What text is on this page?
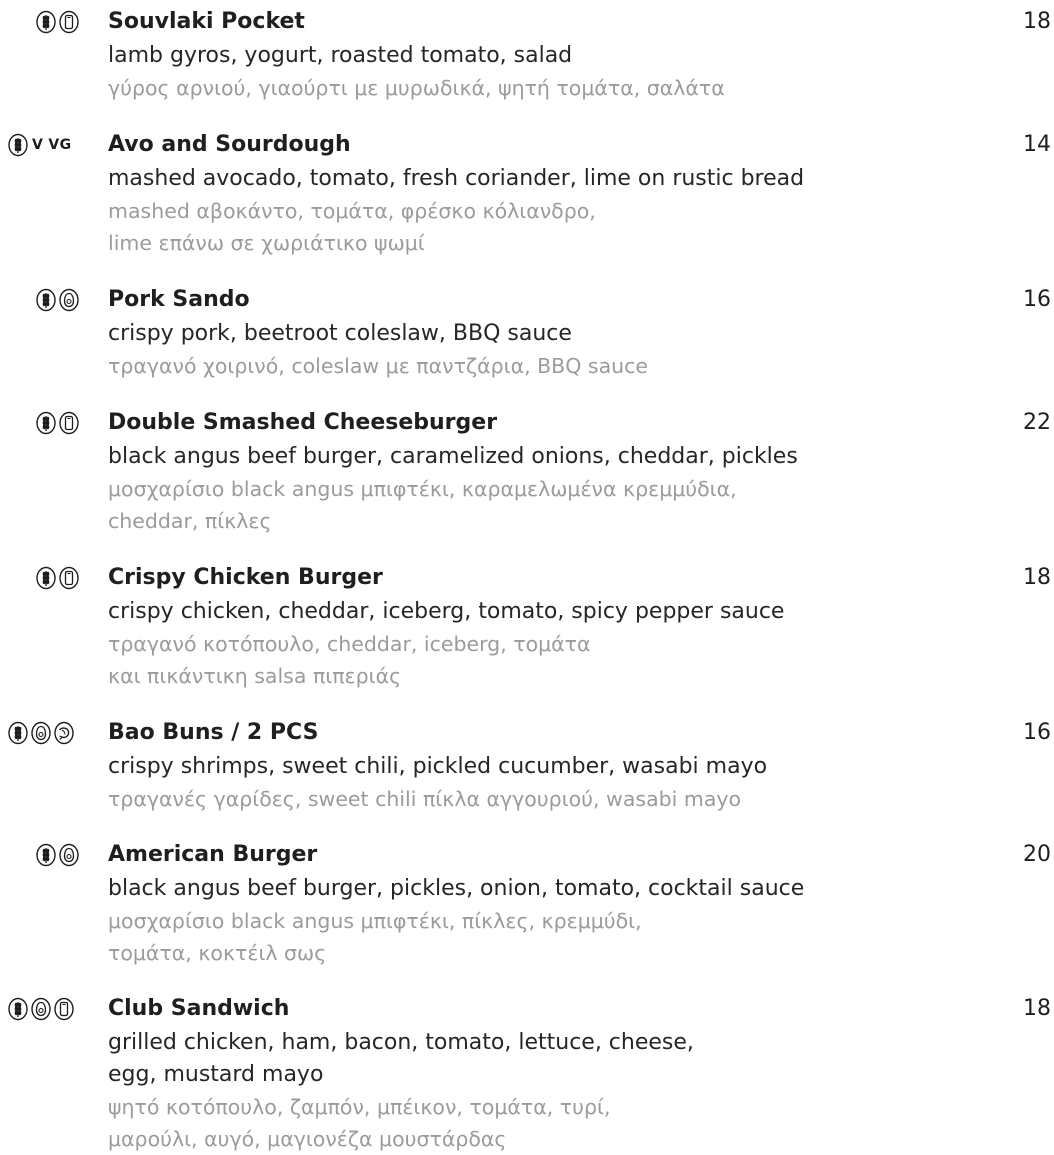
Souvlaki Pocket	18
lamb gyros, yogurt, roasted tomato, salad
γύρος αρνιού, γιαούρτι με μυρωδικά, ψητή τομάτα, σαλάτα
V VG Avo and Sourdough	14
mashed avocado, tomato, fresh coriander, lime on rustic bread
mashed αβοκάντο, τομάτα, φρέσκο κόλιανδρο,
lime επάνω σε χωριάτικο ψωμί
Pork Sando	16
crispy pork, beetroot coleslaw, BBQ sauce
τραγανό χοιρινό, coleslaw με παντζάρια, BBQ sauce
Double Smashed Cheeseburger	22
black angus beef burger, caramelized onions, cheddar, pickles
μοσχαρίσιο black angus μπιφτέκι, καραμελωμένα κρεμμύδια,
cheddar, πίκλες
Crispy Chicken Burger	18
crispy chicken, cheddar, iceberg, tomato, spicy pepper sauce
τραγανό κοτόπουλο, cheddar, iceberg, τομάτα
και πικάντικη salsa πιπεριάς
Bao Buns / 2 PCS	16
crispy shrimps, sweet chili, pickled cucumber, wasabi mayo
τραγανές γαρίδες, sweet chili πίκλα αγγουριού, wasabi mayo
American Burger	20
black angus beef burger, pickles, onion, tomato, cocktail sauce
μοσχαρίσιο black angus μπιφτέκι, πίκλες, κρεμμύδι,
τομάτα, κοκτέιλ σως
Club Sandwich	18
grilled chicken, ham, bacon, tomato, lettuce, cheese,
egg, mustard mayo
ψητό κοτόπουλο, ζαμπόν, μπέικον, τομάτα, τυρί,
μαρούλι, αυγό, μαγιονέζα μουστάρδας
